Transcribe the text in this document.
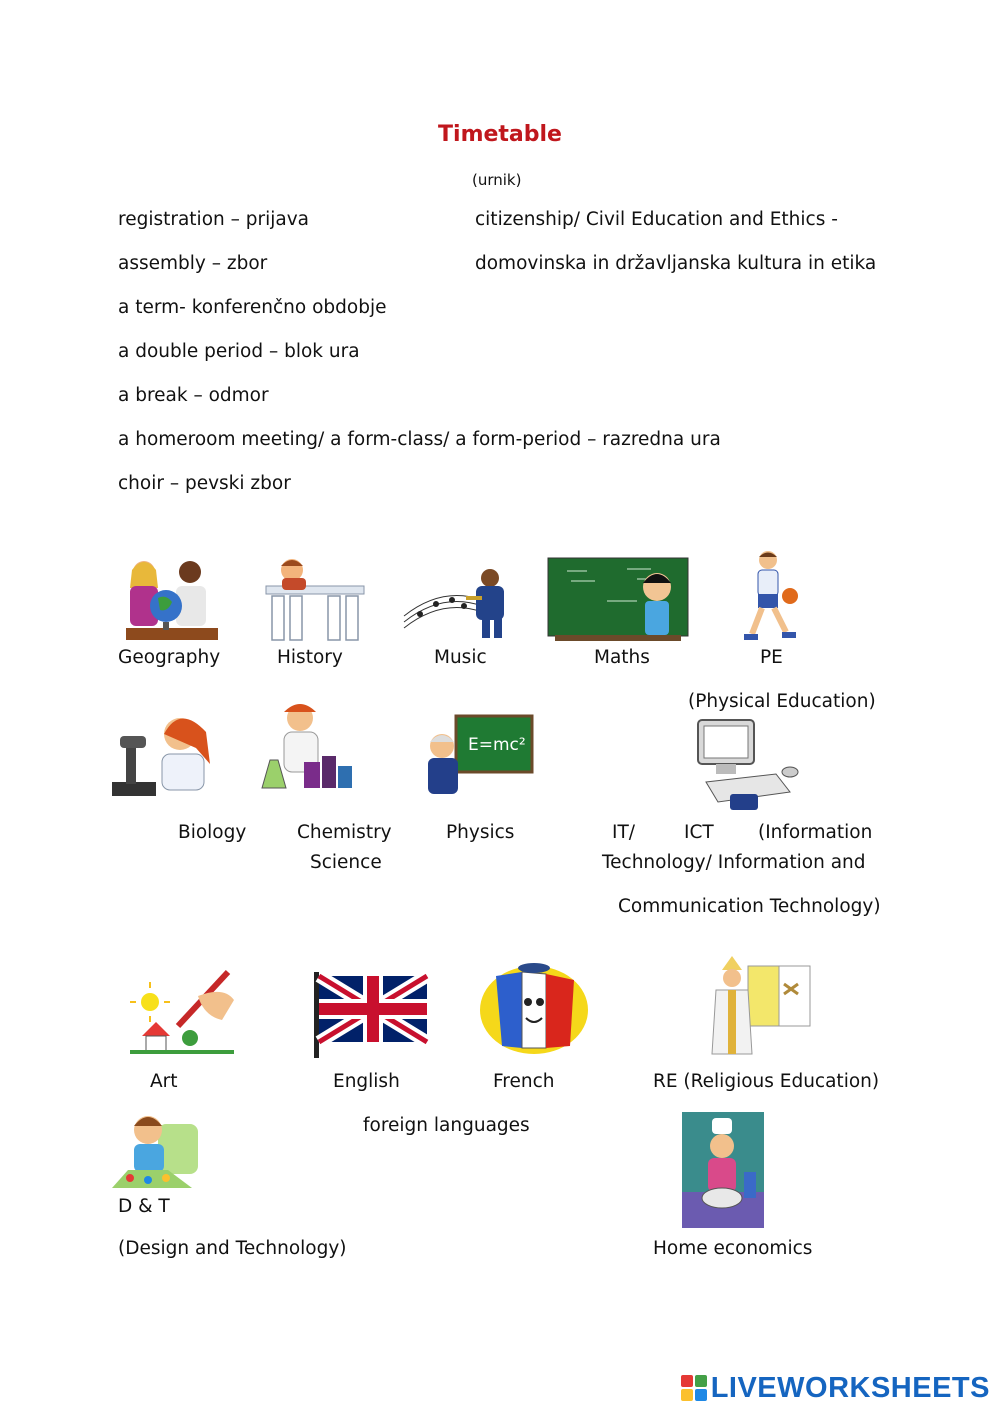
Timetable
(urnik)
registration – prijava
assembly – zbor
a term- konferenčno obdobje
a double period – blok ura
a break – odmor
a homeroom meeting/ a form-class/ a form-period – razredna ura
choir – pevski zbor
citizenship/ Civil Education and Ethics -
domovinska in državljanska kultura in etika
Geography	History	Music	Maths	PE
(Physical Education)
E=mc²
Biology	Chemistry
Science
Physics	IT/	ICT (Information
Technology/ Information and
Communication Technology)
Art	English	French	RE (Religious Education)
foreign languages
D & T
(Design and Technology)	Home economics
LIVEWORKSHEETS
